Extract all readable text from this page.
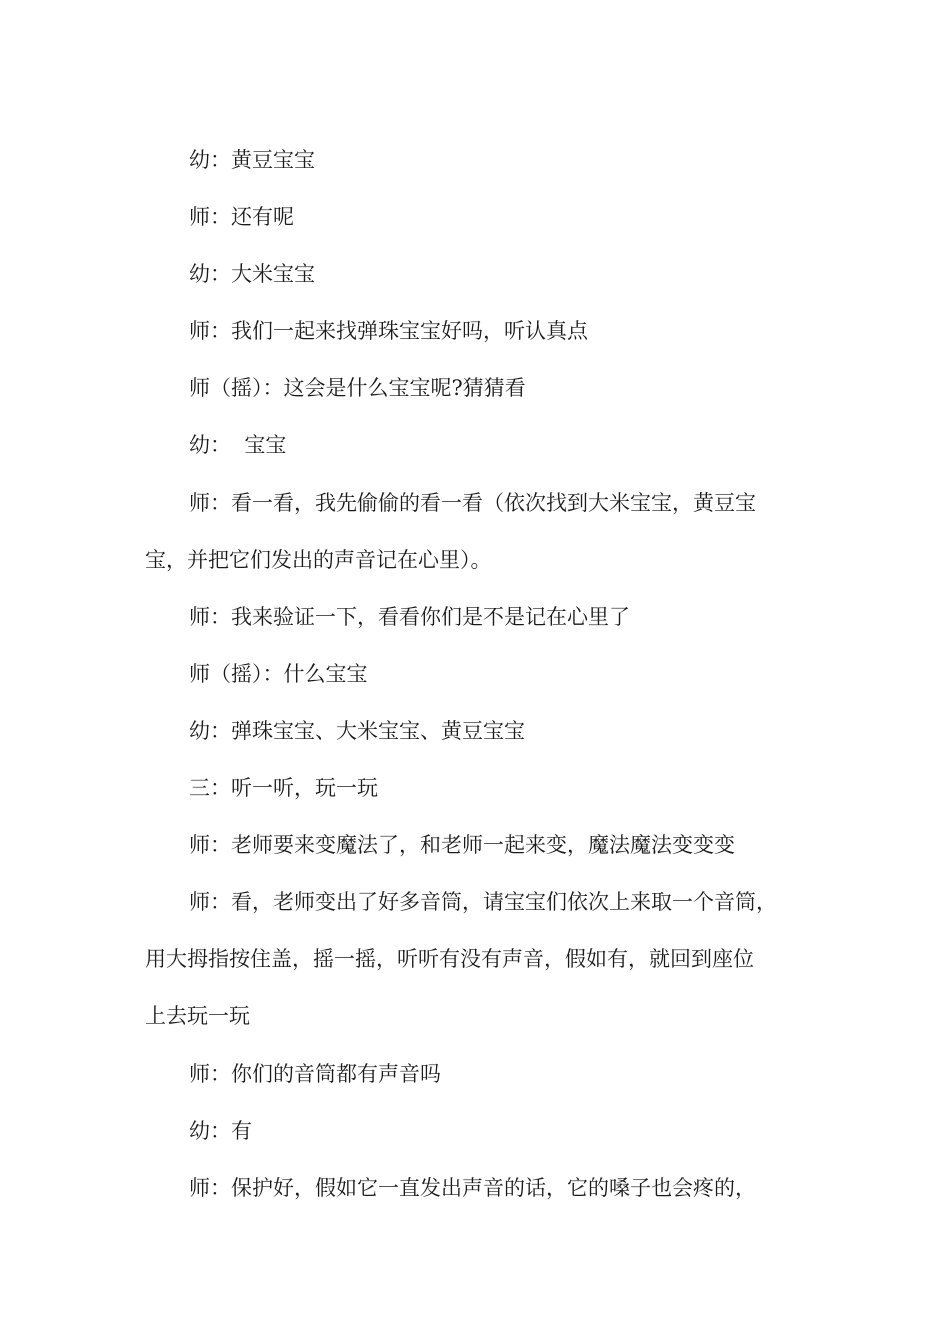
幼：黄豆宝宝

师：还有呢

幼：大米宝宝

师：我们一起来找弹珠宝宝好吗，听认真点

师（摇）：这会是什么宝宝呢?猜猜看

幼：  宝宝

师：看一看，我先偷偷的看一看（依次找到大米宝宝，黄豆宝

宝，并把它们发出的声音记在心里）。

师：我来验证一下，看看你们是不是记在心里了

师（摇）：什么宝宝

幼：弹珠宝宝、大米宝宝、黄豆宝宝

三：听一听，玩一玩

师：老师要来变魔法了，和老师一起来变，魔法魔法变变变

师：看，老师变出了好多音筒，请宝宝们依次上来取一个音筒，

用大拇指按住盖，摇一摇，听听有没有声音，假如有，就回到座位

上去玩一玩

师：你们的音筒都有声音吗

幼：有

师：保护好，假如它一直发出声音的话，它的嗓子也会疼的，
